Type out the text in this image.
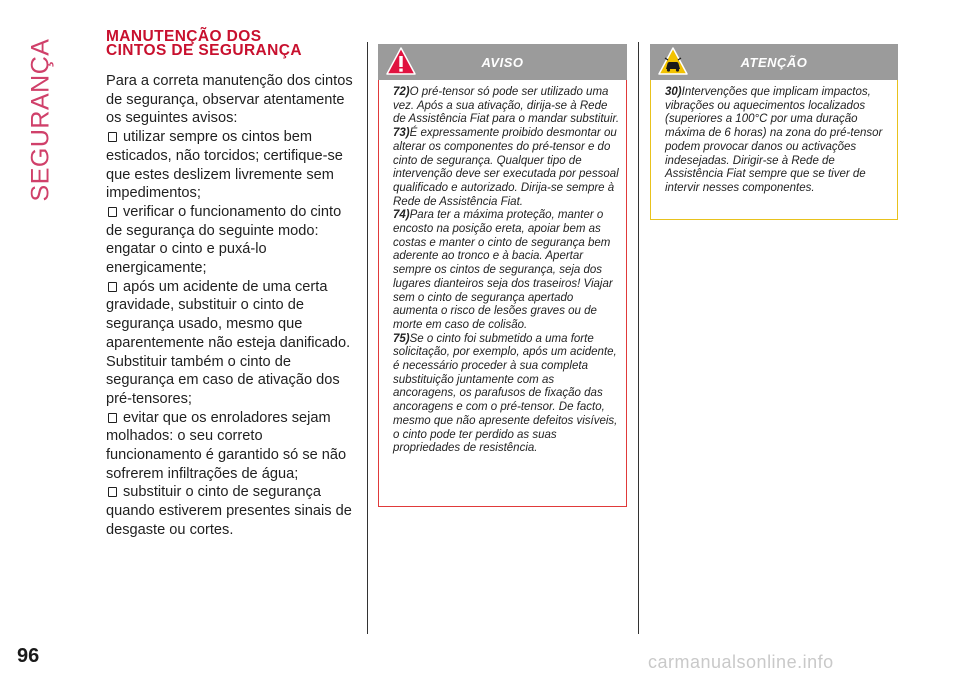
SEGURANÇA
MANUTENÇÃO DOS
CINTOS DE SEGURANÇA

Para a correta manutenção dos cintos de segurança, observar atentamente os seguintes avisos:

utilizar sempre os cintos bem esticados, não torcidos; certifique-se que estes deslizem livremente sem impedimentos;

verificar o funcionamento do cinto de segurança do seguinte modo: engatar o cinto e puxá-lo energicamente;

após um acidente de uma certa gravidade, substituir o cinto de segurança usado, mesmo que aparentemente não esteja danificado. Substituir também o cinto de segurança em caso de ativação dos pré-tensores;

evitar que os enroladores sejam molhados: o seu correto funcionamento é garantido só se não sofrerem infiltrações de água;

substituir o cinto de segurança quando estiverem presentes sinais de desgaste ou cortes.

AVISO

72)O pré-tensor só pode ser utilizado uma vez. Após a sua ativação, dirija-se à Rede de Assistência Fiat para o mandar substituir.

73)É expressamente proibido desmontar ou alterar os componentes do pré-tensor e do cinto de segurança. Qualquer tipo de intervenção deve ser executada por pessoal qualificado e autorizado. Dirija-se sempre à Rede de Assistência Fiat.

74)Para ter a máxima proteção, manter o encosto na posição ereta, apoiar bem as costas e manter o cinto de segurança bem aderente ao tronco e à bacia. Apertar sempre os cintos de segurança, seja dos lugares dianteiros seja dos traseiros! Viajar sem o cinto de segurança apertado aumenta o risco de lesões graves ou de morte em caso de colisão.

75)Se o cinto foi submetido a uma forte solicitação, por exemplo, após um acidente, é necessário proceder à sua completa substituição juntamente com as ancoragens, os parafusos de fixação das ancoragens e com o pré-tensor. De facto, mesmo que não apresente defeitos visíveis, o cinto pode ter perdido as suas propriedades de resistência.

ATENÇÃO

30)Intervenções que implicam impactos, vibrações ou aquecimentos localizados (superiores a 100°C por uma duração máxima de 6 horas) na zona do pré-tensor podem provocar danos ou activações indesejadas. Dirigir-se à Rede de Assistência Fiat sempre que se tiver de intervir nesses componentes.

96	carmanualsonline.info
